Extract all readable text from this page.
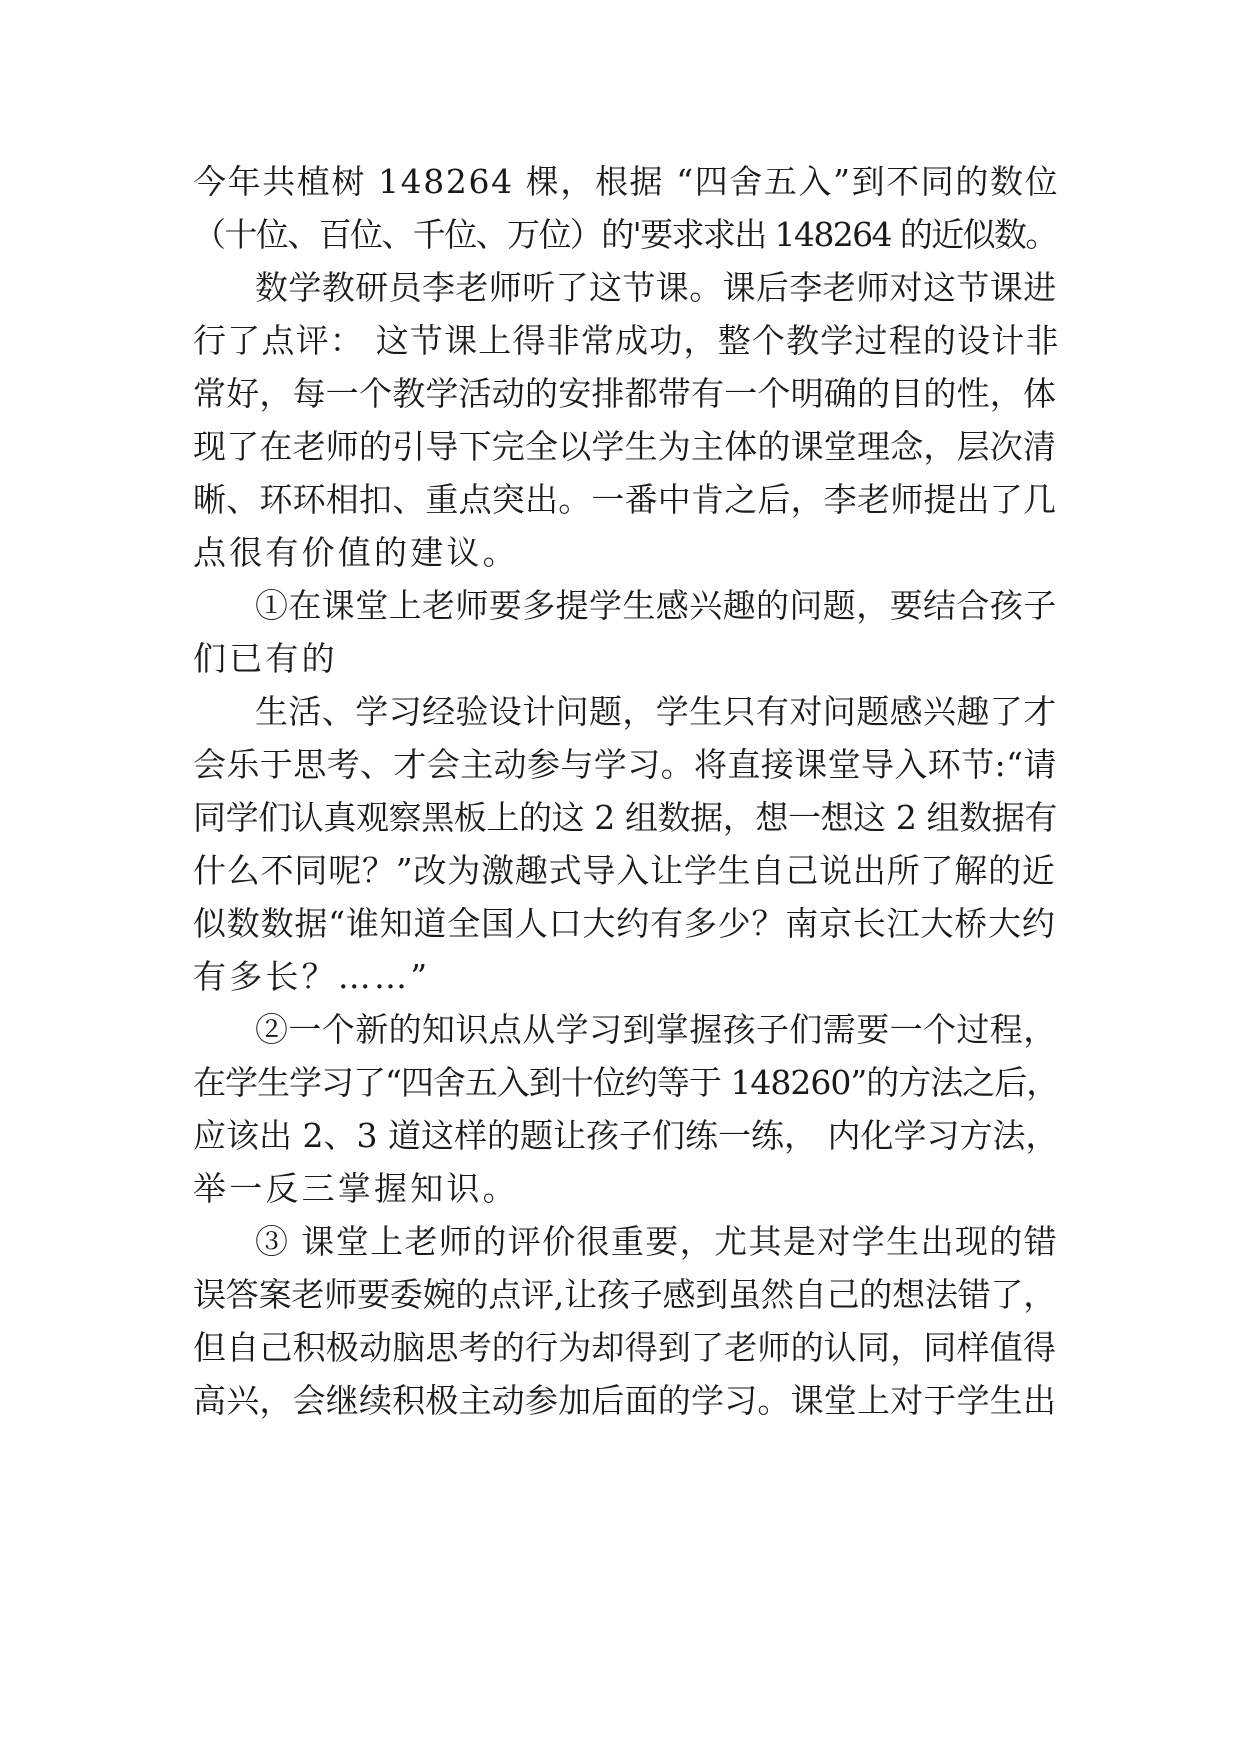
今年共植树 148264 棵，根据 “四舍五入”到不同的数位
（十位、百位、千位、万位）的'要求求出 148264 的近似数。
数学教研员李老师听了这节课。课后李老师对这节课进
行了点评： 这节课上得非常成功，整个教学过程的设计非
常好，每一个教学活动的安排都带有一个明确的目的性，体
现了在老师的引导下完全以学生为主体的课堂理念，层次清
晰、环环相扣、重点突出。一番中肯之后，李老师提出了几
点很有价值的建议。
①在课堂上老师要多提学生感兴趣的问题，要结合孩子
们已有的
生活、学习经验设计问题，学生只有对问题感兴趣了才
会乐于思考、才会主动参与学习。将直接课堂导入环节:“请
同学们认真观察黑板上的这 2 组数据，想一想这 2 组数据有
什么不同呢？”改为激趣式导入让学生自己说出所了解的近
似数数据“谁知道全国人口大约有多少？南京长江大桥大约
有多长？……”
②一个新的知识点从学习到掌握孩子们需要一个过程，
在学生学习了“四舍五入到十位约等于 148260”的方法之后，
应该出 2、3 道这样的题让孩子们练一练， 内化学习方法，
举一反三掌握知识。
③ 课堂上老师的评价很重要，尤其是对学生出现的错
误答案老师要委婉的点评,让孩子感到虽然自己的想法错了，
但自己积极动脑思考的行为却得到了老师的认同，同样值得
高兴，会继续积极主动参加后面的学习。课堂上对于学生出
